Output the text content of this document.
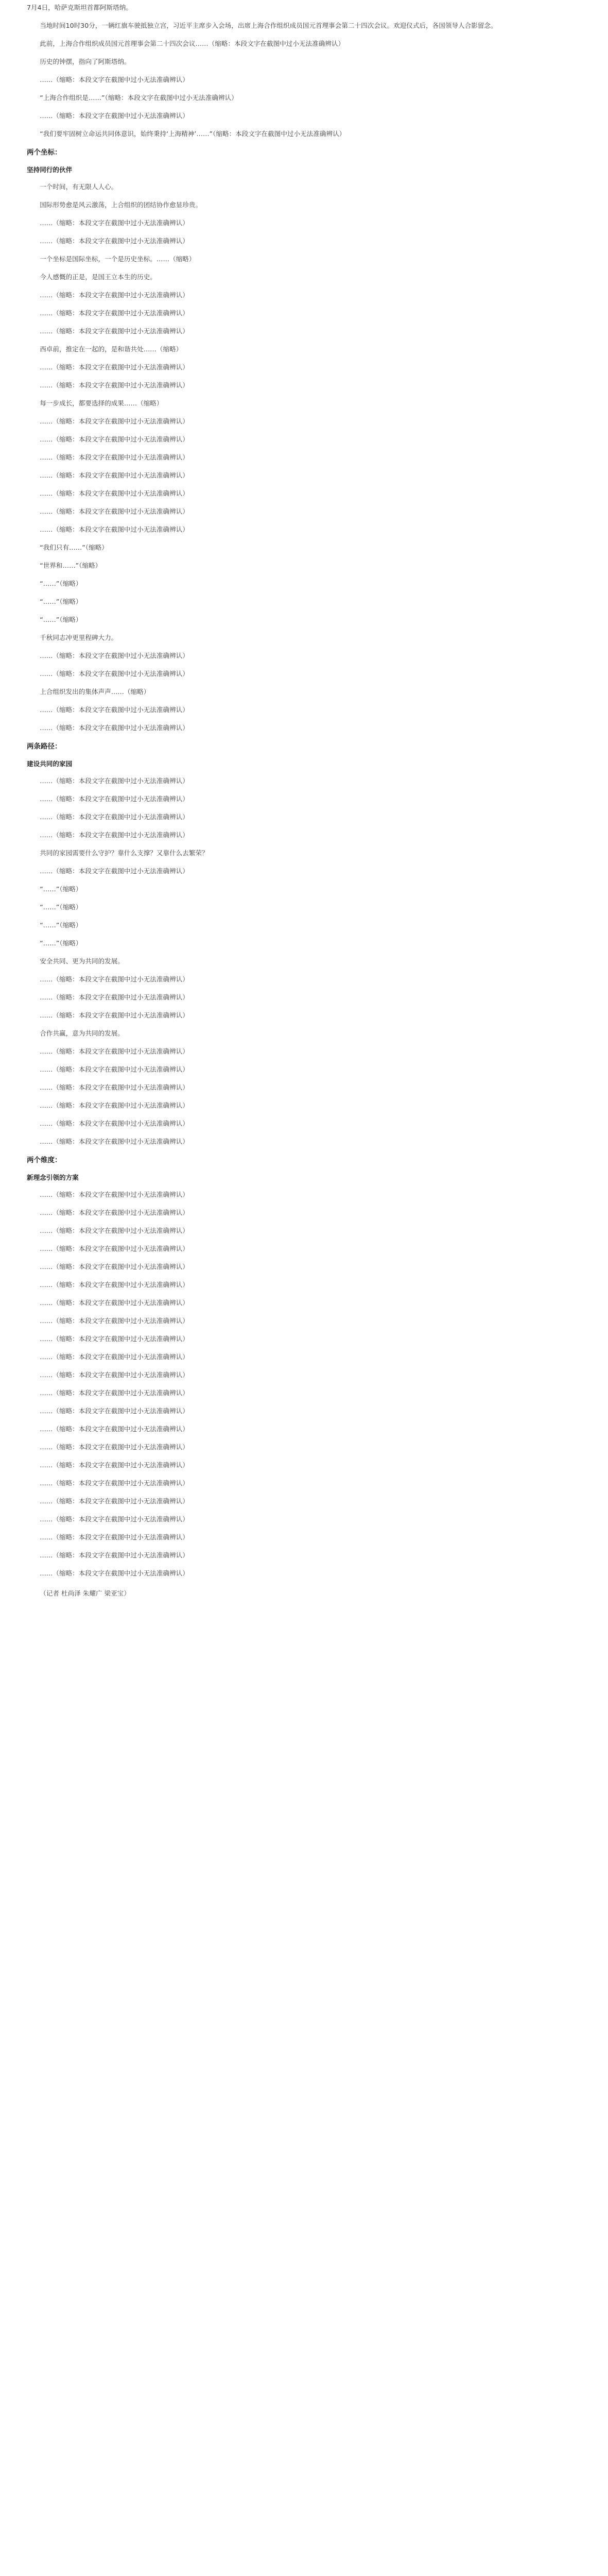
7月4日，哈萨克斯坦首都阿斯塔纳。

当地时间10时30分，一辆红旗车驶抵独立宫，习近平主席步入会场，出席上海合作组织成员国元首理事会第二十四次会议。欢迎仪式后，各国领导人合影留念。

此前，上海合作组织成员国元首理事会第二十四次会议……（缩略：本段文字在截图中过小无法准确辨认）

历史的钟摆，指向了阿斯塔纳。

……（缩略：本段文字在截图中过小无法准确辨认）

“上海合作组织是……”（缩略：本段文字在截图中过小无法准确辨认）

……（缩略：本段文字在截图中过小无法准确辨认）

“我们要牢固树立命运共同体意识，始终秉持‘上海精神’……”（缩略：本段文字在截图中过小无法准确辨认）

两个坐标：

坚持同行的伙伴

一个时间，有无限人人心。

国际形势愈是风云激荡，上合组织的团结协作愈显珍贵。

……（缩略：本段文字在截图中过小无法准确辨认）

……（缩略：本段文字在截图中过小无法准确辨认）

一个坐标是国际坐标，一个是历史坐标。……（缩略）

今人感慨的正是，是国王立本生的历史。

……（缩略：本段文字在截图中过小无法准确辨认）

……（缩略：本段文字在截图中过小无法准确辨认）

……（缩略：本段文字在截图中过小无法准确辨认）

西卓前，推定在一起的，是和谐共处……（缩略）

……（缩略：本段文字在截图中过小无法准确辨认）

……（缩略：本段文字在截图中过小无法准确辨认）

每一步成长，都要选择的成果……（缩略）

……（缩略：本段文字在截图中过小无法准确辨认）

……（缩略：本段文字在截图中过小无法准确辨认）

……（缩略：本段文字在截图中过小无法准确辨认）

……（缩略：本段文字在截图中过小无法准确辨认）

……（缩略：本段文字在截图中过小无法准确辨认）

……（缩略：本段文字在截图中过小无法准确辨认）

……（缩略：本段文字在截图中过小无法准确辨认）

“我们只有……”（缩略）

“世界和……”（缩略）

“……”（缩略）

“……”（缩略）

“……”（缩略）

千秋同志冲更里程碑大力。

……（缩略：本段文字在截图中过小无法准确辨认）

……（缩略：本段文字在截图中过小无法准确辨认）

上合组织发出的集体声声……（缩略）

……（缩略：本段文字在截图中过小无法准确辨认）

……（缩略：本段文字在截图中过小无法准确辨认）

两条路径：

建设共同的家园

……（缩略：本段文字在截图中过小无法准确辨认）

……（缩略：本段文字在截图中过小无法准确辨认）

……（缩略：本段文字在截图中过小无法准确辨认）

……（缩略：本段文字在截图中过小无法准确辨认）

共同的家园需要什么守护？靠什么支撑？又靠什么去繁荣？

……（缩略：本段文字在截图中过小无法准确辨认）

“……”（缩略）

“……”（缩略）

“……”（缩略）

“……”（缩略）

安全共同、更为共同的发展。

……（缩略：本段文字在截图中过小无法准确辨认）

……（缩略：本段文字在截图中过小无法准确辨认）

……（缩略：本段文字在截图中过小无法准确辨认）

合作共赢，意为共同的发展。

……（缩略：本段文字在截图中过小无法准确辨认）

……（缩略：本段文字在截图中过小无法准确辨认）

……（缩略：本段文字在截图中过小无法准确辨认）

……（缩略：本段文字在截图中过小无法准确辨认）

……（缩略：本段文字在截图中过小无法准确辨认）

……（缩略：本段文字在截图中过小无法准确辨认）

两个维度：

新理念引领的方案

……（缩略：本段文字在截图中过小无法准确辨认）

……（缩略：本段文字在截图中过小无法准确辨认）

……（缩略：本段文字在截图中过小无法准确辨认）

……（缩略：本段文字在截图中过小无法准确辨认）

……（缩略：本段文字在截图中过小无法准确辨认）

……（缩略：本段文字在截图中过小无法准确辨认）

……（缩略：本段文字在截图中过小无法准确辨认）

……（缩略：本段文字在截图中过小无法准确辨认）

……（缩略：本段文字在截图中过小无法准确辨认）

……（缩略：本段文字在截图中过小无法准确辨认）

……（缩略：本段文字在截图中过小无法准确辨认）

……（缩略：本段文字在截图中过小无法准确辨认）

……（缩略：本段文字在截图中过小无法准确辨认）

……（缩略：本段文字在截图中过小无法准确辨认）

……（缩略：本段文字在截图中过小无法准确辨认）

……（缩略：本段文字在截图中过小无法准确辨认）

……（缩略：本段文字在截图中过小无法准确辨认）

……（缩略：本段文字在截图中过小无法准确辨认）

……（缩略：本段文字在截图中过小无法准确辨认）

……（缩略：本段文字在截图中过小无法准确辨认）

……（缩略：本段文字在截图中过小无法准确辨认）

……（缩略：本段文字在截图中过小无法准确辨认）

（记者 杜尚泽 朱耀广 梁亚宝）
